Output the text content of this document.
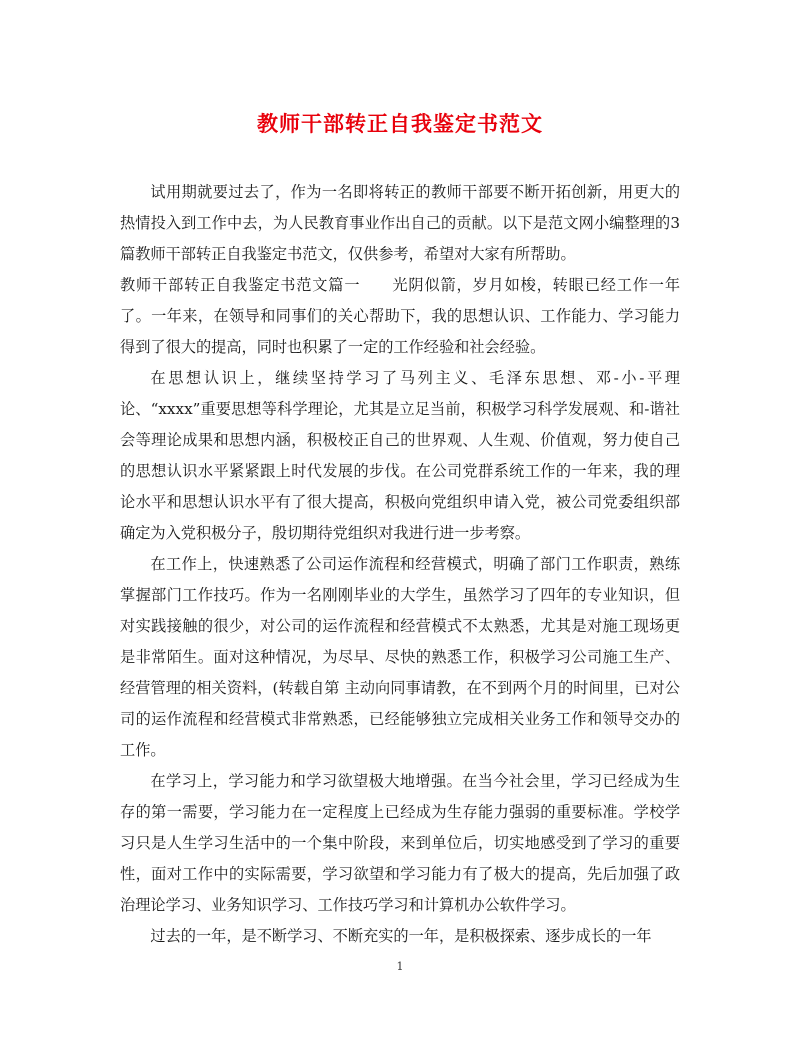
教师干部转正自我鉴定书范文

试用期就要过去了，作为一名即将转正的教师干部要不断开拓创新，用更大的热情投入到工作中去，为人民教育事业作出自己的贡献。以下是范文网小编整理的3篇教师干部转正自我鉴定书范文，仅供参考，希望对大家有所帮助。

教师干部转正自我鉴定书范文篇一　　光阴似箭，岁月如梭，转眼已经工作一年了。一年来，在领导和同事们的关心帮助下，我的思想认识、工作能力、学习能力得到了很大的提高，同时也积累了一定的工作经验和社会经验。

在思想认识上，继续坚持学习了马列主义、毛泽东思想、邓-小-平理论、“xxxx”重要思想等科学理论，尤其是立足当前，积极学习科学发展观、和-谐社会等理论成果和思想内涵，积极校正自己的世界观、人生观、价值观，努力使自己的思想认识水平紧紧跟上时代发展的步伐。在公司党群系统工作的一年来，我的理论水平和思想认识水平有了很大提高，积极向党组织申请入党，被公司党委组织部确定为入党积极分子，殷切期待党组织对我进行进一步考察。

在工作上，快速熟悉了公司运作流程和经营模式，明确了部门工作职责，熟练掌握部门工作技巧。作为一名刚刚毕业的大学生，虽然学习了四年的专业知识，但对实践接触的很少，对公司的运作流程和经营模式不太熟悉，尤其是对施工现场更是非常陌生。面对这种情况，为尽早、尽快的熟悉工作，积极学习公司施工生产、经营管理的相关资料，(转载自第 主动向同事请教，在不到两个月的时间里，已对公司的运作流程和经营模式非常熟悉，已经能够独立完成相关业务工作和领导交办的工作。

在学习上，学习能力和学习欲望极大地增强。在当今社会里，学习已经成为生存的第一需要，学习能力在一定程度上已经成为生存能力强弱的重要标准。学校学习只是人生学习生活中的一个集中阶段，来到单位后，切实地感受到了学习的重要性，面对工作中的实际需要，学习欲望和学习能力有了极大的提高，先后加强了政治理论学习、业务知识学习、工作技巧学习和计算机办公软件学习。

过去的一年，是不断学习、不断充实的一年，是积极探索、逐步成长的一年

1
